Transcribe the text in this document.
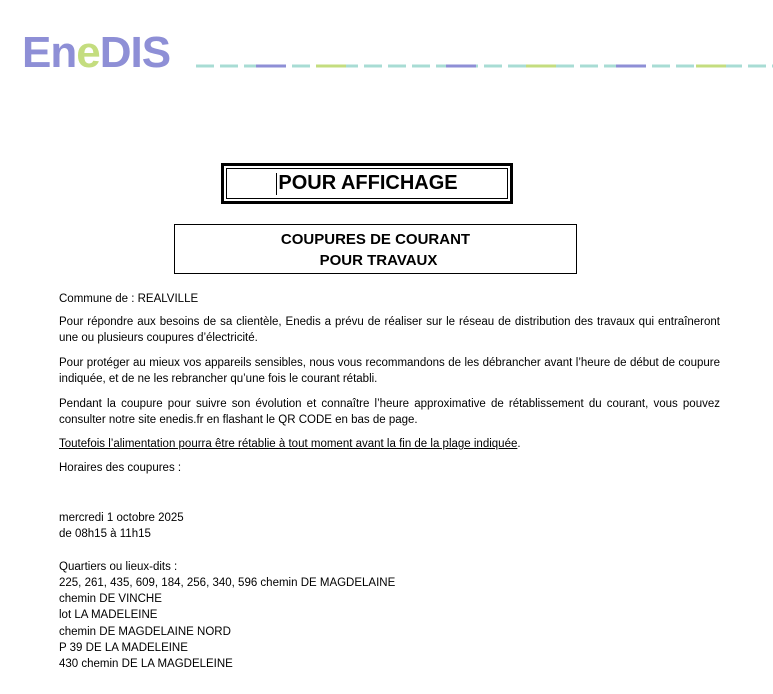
EneDIS
POUR AFFICHAGE
COUPURES DE COURANT
POUR TRAVAUX
Commune de : REALVILLE
Pour répondre aux besoins de sa clientèle, Enedis a prévu de réaliser sur le réseau de distribution des travaux qui entraîneront une ou plusieurs coupures d’électricité.
Pour protéger au mieux vos appareils sensibles, nous vous recommandons de les débrancher avant l’heure de début de coupure indiquée, et de ne les rebrancher qu’une fois le courant rétabli.
Pendant la coupure pour suivre son évolution et connaître l’heure approximative de rétablissement du courant, vous pouvez consulter notre site enedis.fr en flashant le QR CODE en bas de page.
Toutefois l’alimentation pourra être rétablie à tout moment avant la fin de la plage indiquée.
Horaires des coupures :
mercredi 1 octobre 2025
de 08h15 à 11h15
Quartiers ou lieux-dits :
225, 261, 435, 609, 184, 256, 340, 596 chemin DE MAGDELAINE
chemin DE VINCHE
lot LA MADELEINE
chemin DE MAGDELAINE NORD
P 39 DE LA MADELEINE
430 chemin DE LA MAGDELEINE
